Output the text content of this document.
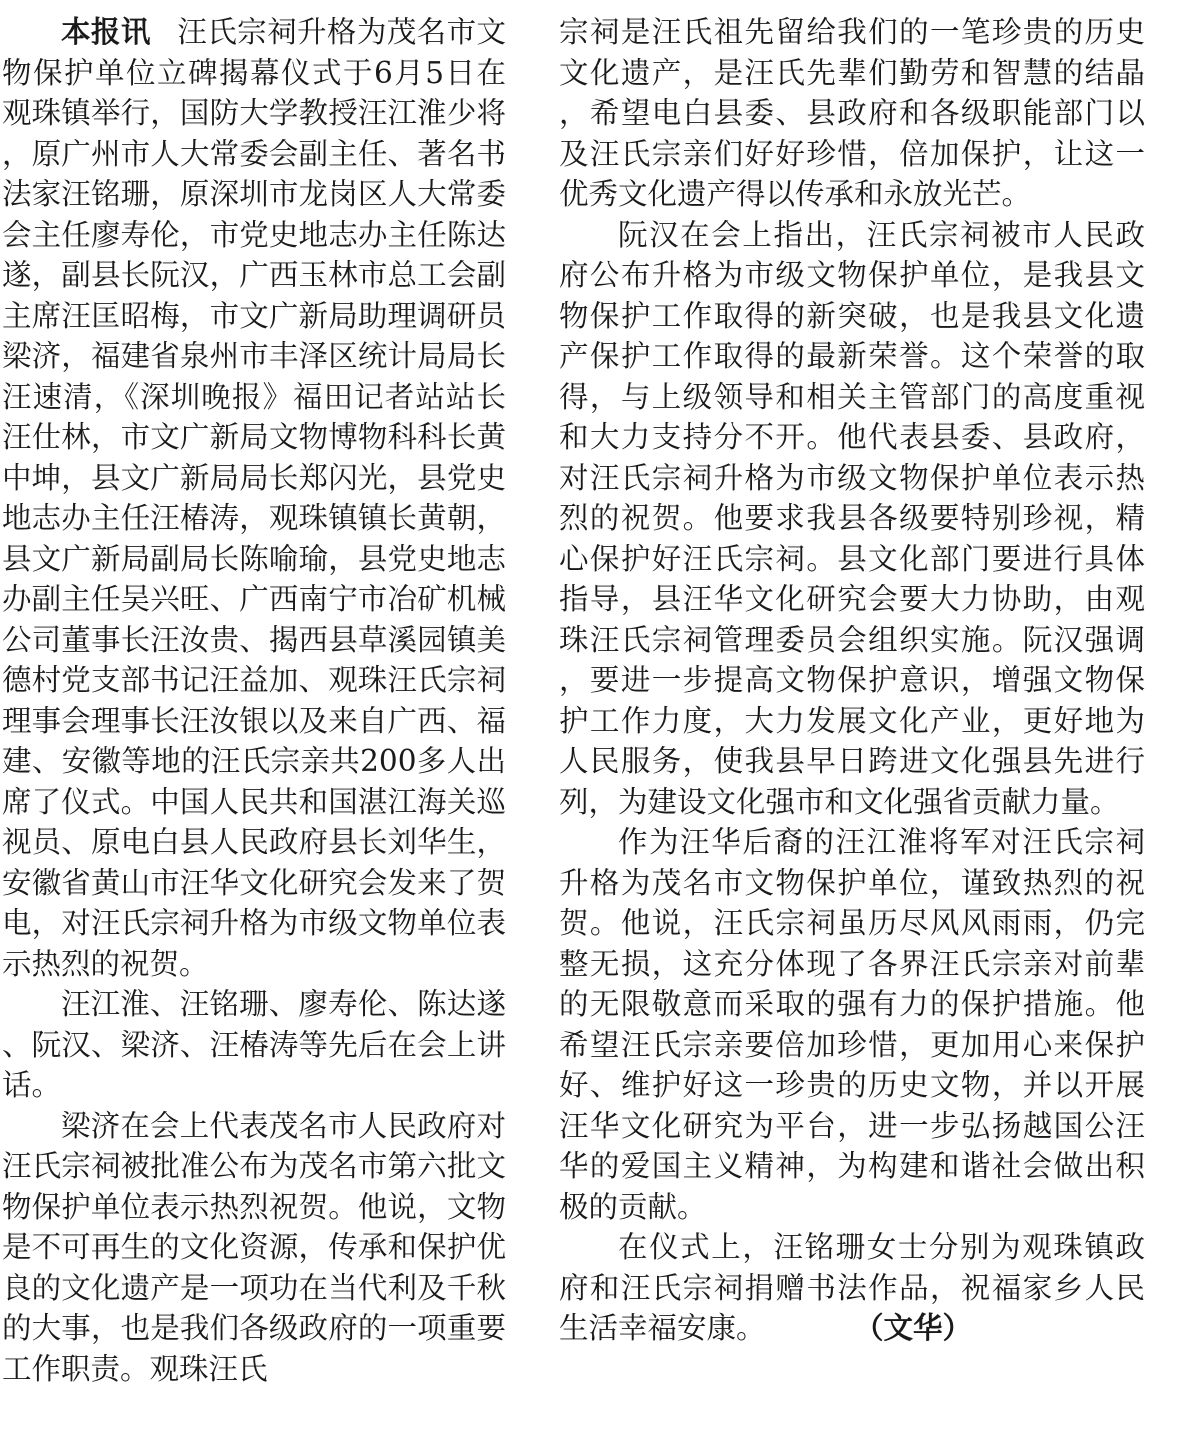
本报讯 汪氏宗祠升格为茂名市文物保护单位立碑揭幕仪式于6月5日在观珠镇举行，国防大学教授汪江淮少将，原广州市人大常委会副主任、著名书法家汪铭珊，原深圳市龙岗区人大常委会主任廖寿伦，市党史地志办主任陈达遂，副县长阮汉，广西玉林市总工会副主席汪匡昭梅，市文广新局助理调研员梁济，福建省泉州市丰泽区统计局局长汪速清，《深圳晚报》福田记者站站长汪仕林，市文广新局文物博物科科长黄中坤，县文广新局局长郑闪光，县党史地志办主任汪椿涛，观珠镇镇长黄朝，县文广新局副局长陈喻瑜，县党史地志办副主任吴兴旺、广西南宁市冶矿机械公司董事长汪汝贵、揭西县草溪园镇美德村党支部书记汪益加、观珠汪氏宗祠理事会理事长汪汝银以及来自广西、福建、安徽等地的汪氏宗亲共200多人出席了仪式。中国人民共和国湛江海关巡视员、原电白县人民政府县长刘华生，安徽省黄山市汪华文化研究会发来了贺电，对汪氏宗祠升格为市级文物单位表示热烈的祝贺。

汪江淮、汪铭珊、廖寿伦、陈达遂、阮汉、梁济、汪椿涛等先后在会上讲话。

梁济在会上代表茂名市人民政府对汪氏宗祠被批准公布为茂名市第六批文物保护单位表示热烈祝贺。他说，文物是不可再生的文化资源，传承和保护优良的文化遗产是一项功在当代利及千秋的大事，也是我们各级政府的一项重要工作职责。观珠汪氏

宗祠是汪氏祖先留给我们的一笔珍贵的历史文化遗产，是汪氏先辈们勤劳和智慧的结晶，希望电白县委、县政府和各级职能部门以及汪氏宗亲们好好珍惜，倍加保护，让这一优秀文化遗产得以传承和永放光芒。

阮汉在会上指出，汪氏宗祠被市人民政府公布升格为市级文物保护单位，是我县文物保护工作取得的新突破，也是我县文化遗产保护工作取得的最新荣誉。这个荣誉的取得，与上级领导和相关主管部门的高度重视和大力支持分不开。他代表县委、县政府，对汪氏宗祠升格为市级文物保护单位表示热烈的祝贺。他要求我县各级要特别珍视，精心保护好汪氏宗祠。县文化部门要进行具体指导，县汪华文化研究会要大力协助，由观珠汪氏宗祠管理委员会组织实施。阮汉强调，要进一步提高文物保护意识，增强文物保护工作力度，大力发展文化产业，更好地为人民服务，使我县早日跨进文化强县先进行列，为建设文化强市和文化强省贡献力量。

作为汪华后裔的汪江淮将军对汪氏宗祠升格为茂名市文物保护单位，谨致热烈的祝贺。他说，汪氏宗祠虽历尽风风雨雨，仍完整无损，这充分体现了各界汪氏宗亲对前辈的无限敬意而采取的强有力的保护措施。他希望汪氏宗亲要倍加珍惜，更加用心来保护好、维护好这一珍贵的历史文物，并以开展汪华文化研究为平台，进一步弘扬越国公汪华的爱国主义精神，为构建和谐社会做出积极的贡献。

在仪式上，汪铭珊女士分别为观珠镇政府和汪氏宗祠捐赠书法作品，祝福家乡人民生活幸福安康。	（文华）
